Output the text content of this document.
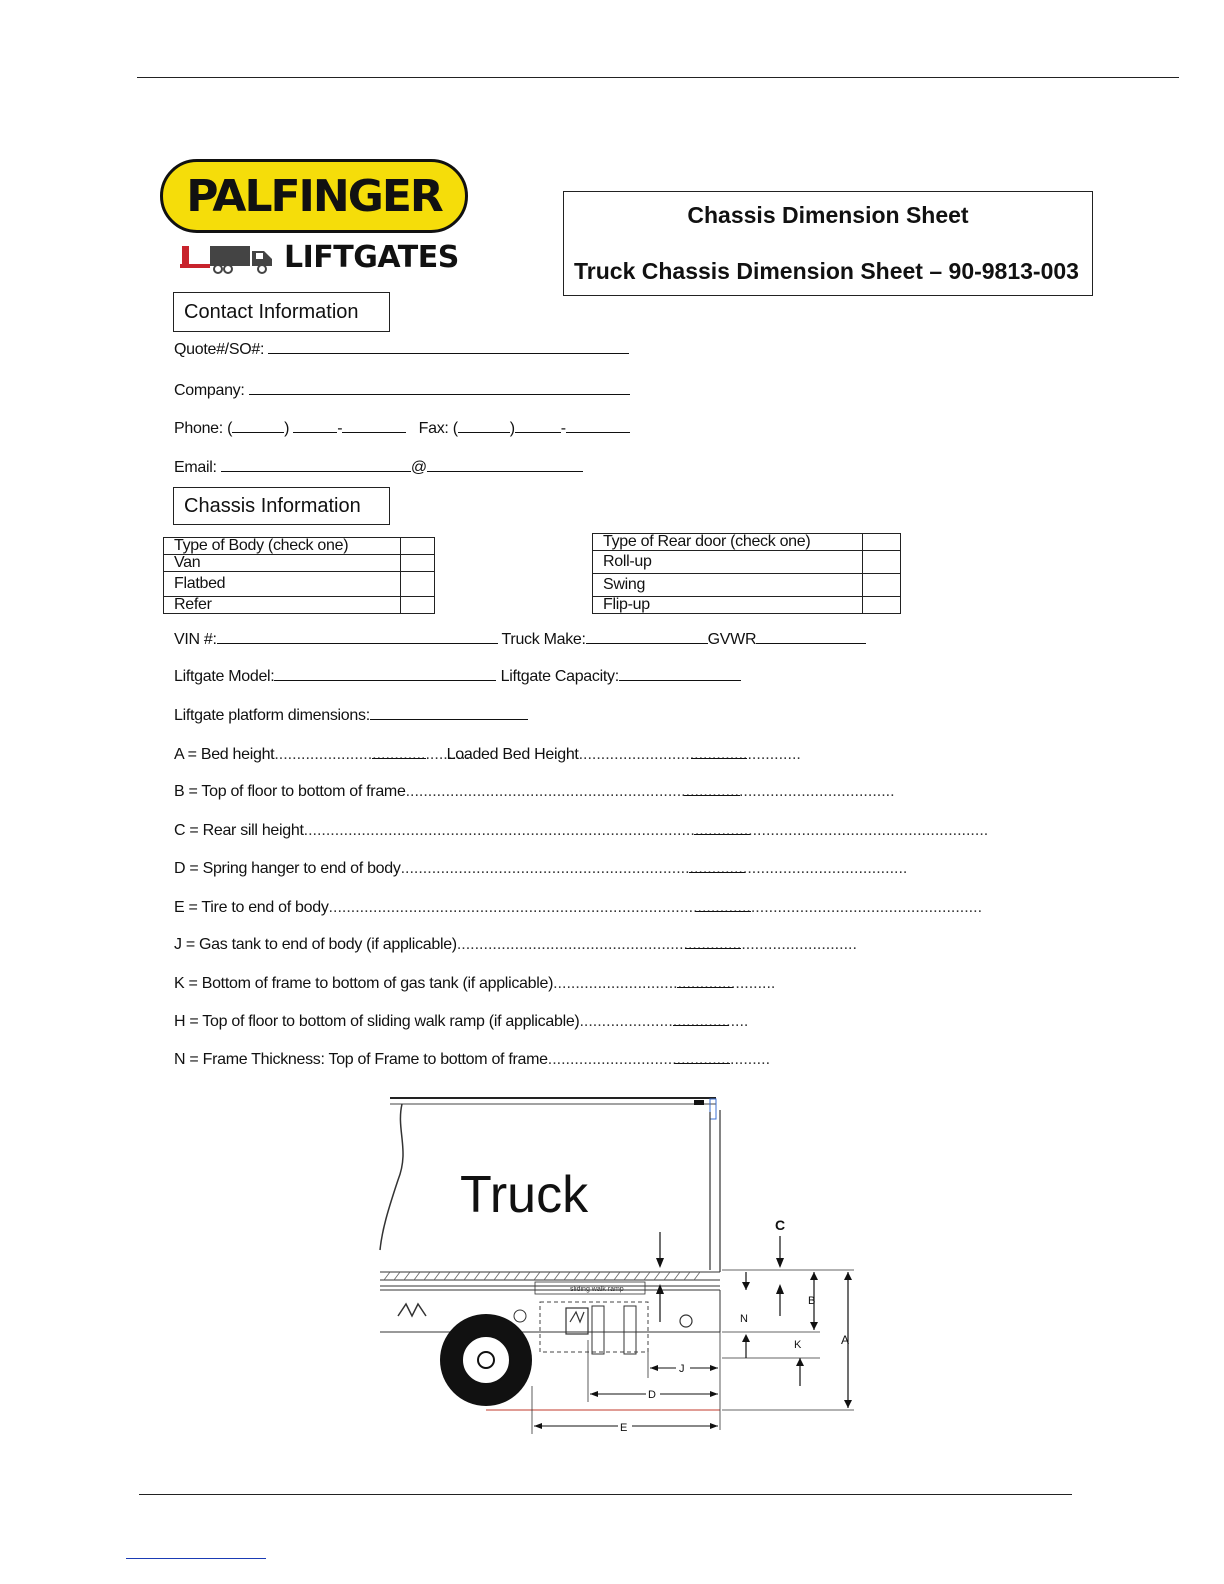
PALFINGER
LIFTGATES
Chassis Dimension Sheet
Truck Chassis Dimension Sheet – 90-9813-003
Contact Information
Quote#/SO#:
Company:
Phone: (	)	-	Fax: (	)	-
Email:	@
Chassis Information
Type of Body (check one)	
Van	
Flatbed	
Refer	
Type of Rear door (check one)	
Roll-up	
Swing	
Flip-up	
VIN #:	Truck Make:	GVWR
Liftgate Model:	Liftgate Capacity:
Liftgate platform dimensions:
A = Bed height............................................  Loaded Bed Height..................................................
B = Top of floor to bottom of frame..............................................................................................................
C = Rear sill height..........................................................................................................................................................
D = Spring hanger to end of body..................................................................................................................
E = Tire to end of body...................................................................................................................................................
J = Gas tank to end of body (if applicable)..........................................................................................
K = Bottom of frame to bottom of gas tank (if applicable)..................................................
H = Top of floor to bottom of sliding walk ramp (if applicable)......................................
N = Frame Thickness: Top of Frame to bottom of frame..................................................
Truck
sliding walk ramp
C
N
B
K	A
J
D
E
